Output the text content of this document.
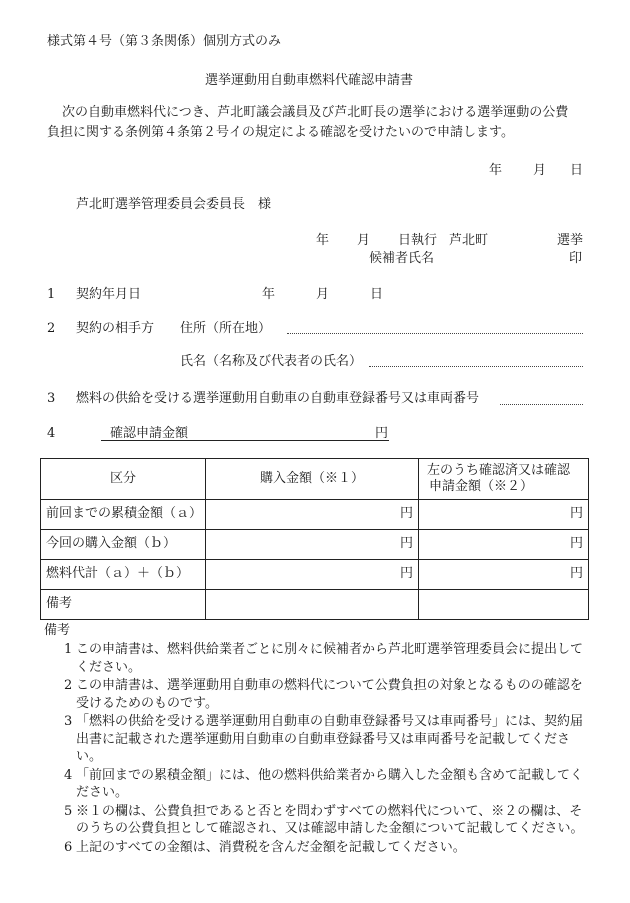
様式第４号（第３条関係）個別方式のみ
選挙運動用自動車燃料代確認申請書
次の自動車燃料代につき、芦北町議会議員及び芦北町長の選挙における選挙運動の公費
負担に関する条例第４条第２号イの規定による確認を受けたいので申請します。
年 月 日
芦北町選挙管理委員会委員長　様
年 月 日執行 芦北町	選挙
候補者氏名	印
1 契約年月日	年	月	日
2 契約の相手方 住所（所在地）
氏名（名称及び代表者の氏名）
3 燃料の供給を受ける選挙運動用自動車の自動車登録番号又は車両番号
4	確認申請金額	円
区分	購入金額（※１）	左のうち確認済又は確認
申請金額（※２）

前回までの累積金額（ａ）	円	円
今回の購入金額（ｂ）	円	円
燃料代計（ａ）＋（ｂ）	円	円
備考		
備考
1 この申請書は、燃料供給業者ごとに別々に候補者から芦北町選挙管理委員会に提出してください。
2 この申請書は、選挙運動用自動車の燃料代について公費負担の対象となるものの確認を受けるためのものです。
3 「燃料の供給を受ける選挙運動用自動車の自動車登録番号又は車両番号」には、契約届出書に記載された選挙運動用自動車の自動車登録番号又は車両番号を記載してください。
4 「前回までの累積金額」には、他の燃料供給業者から購入した金額も含めて記載してください。
5 ※１の欄は、公費負担であると否とを問わずすべての燃料代について、※２の欄は、そのうちの公費負担として確認され、又は確認申請した金額について記載してください。
6 上記のすべての金額は、消費税を含んだ金額を記載してください。
